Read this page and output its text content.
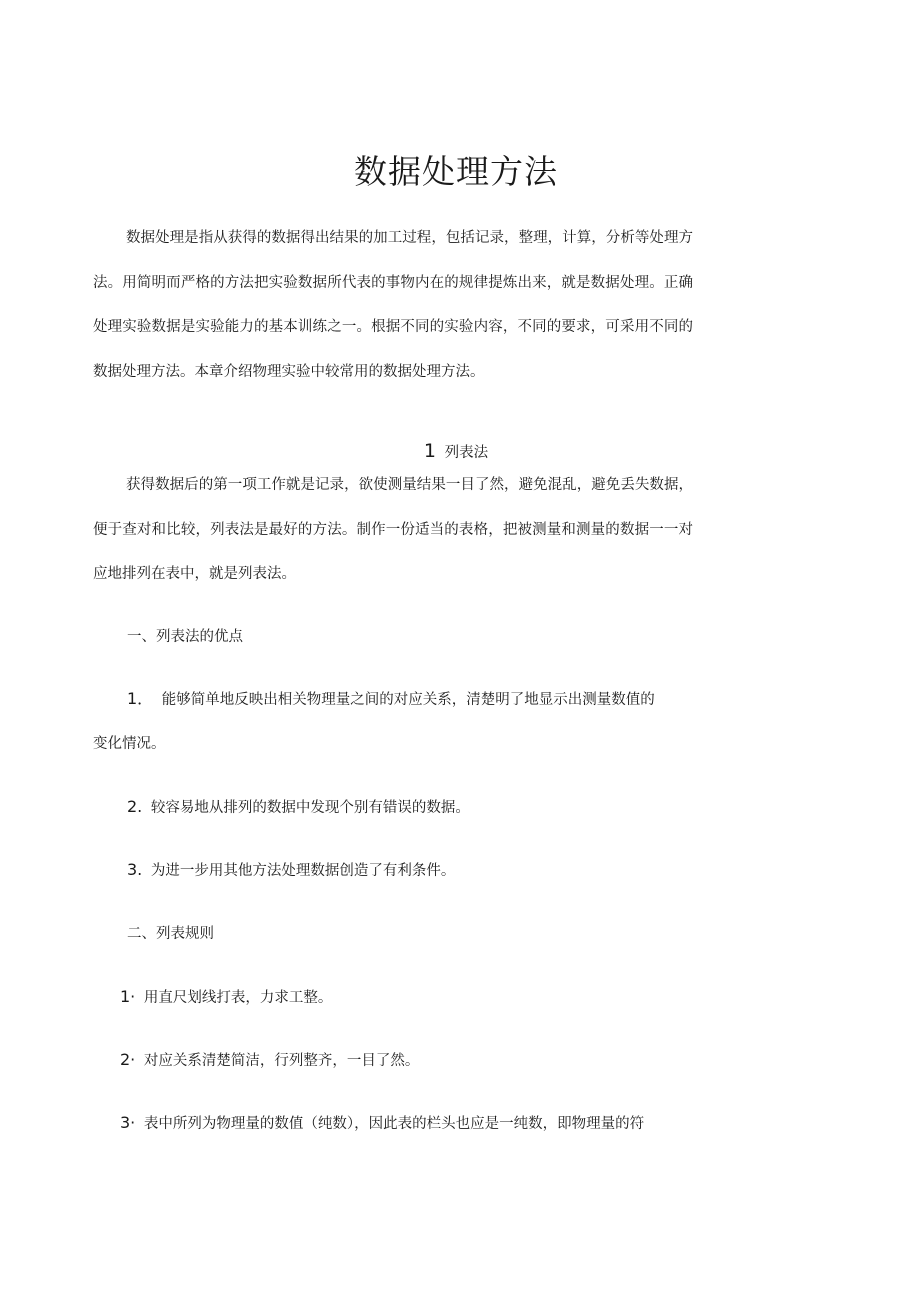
数据处理方法

数据处理是指从获得的数据得出结果的加工过程，包括记录，整理，计算，分析等处理方法。用简明而严格的方法把实验数据所代表的事物内在的规律提炼出来，就是数据处理。正确处理实验数据是实验能力的基本训练之一。根据不同的实验内容，不同的要求，可采用不同的数据处理方法。本章介绍物理实验中较常用的数据处理方法。

1 列表法

获得数据后的第一项工作就是记录，欲使测量结果一目了然，避免混乱，避免丢失数据，便于查对和比较，列表法是最好的方法。制作一份适当的表格，把被测量和测量的数据一一对应地排列在表中，就是列表法。

一、列表法的优点

1． 能够简单地反映出相关物理量之间的对应关系，清楚明了地显示出测量数值的

变化情况。

2. 较容易地从排列的数据中发现个别有错误的数据。

3. 为进一步用其他方法处理数据创造了有利条件。

二、列表规则

1· 用直尺划线打表，力求工整。

2· 对应关系清楚简洁，行列整齐，一目了然。

3· 表中所列为物理量的数值（纯数），因此表的栏头也应是一纯数，即物理量的符
